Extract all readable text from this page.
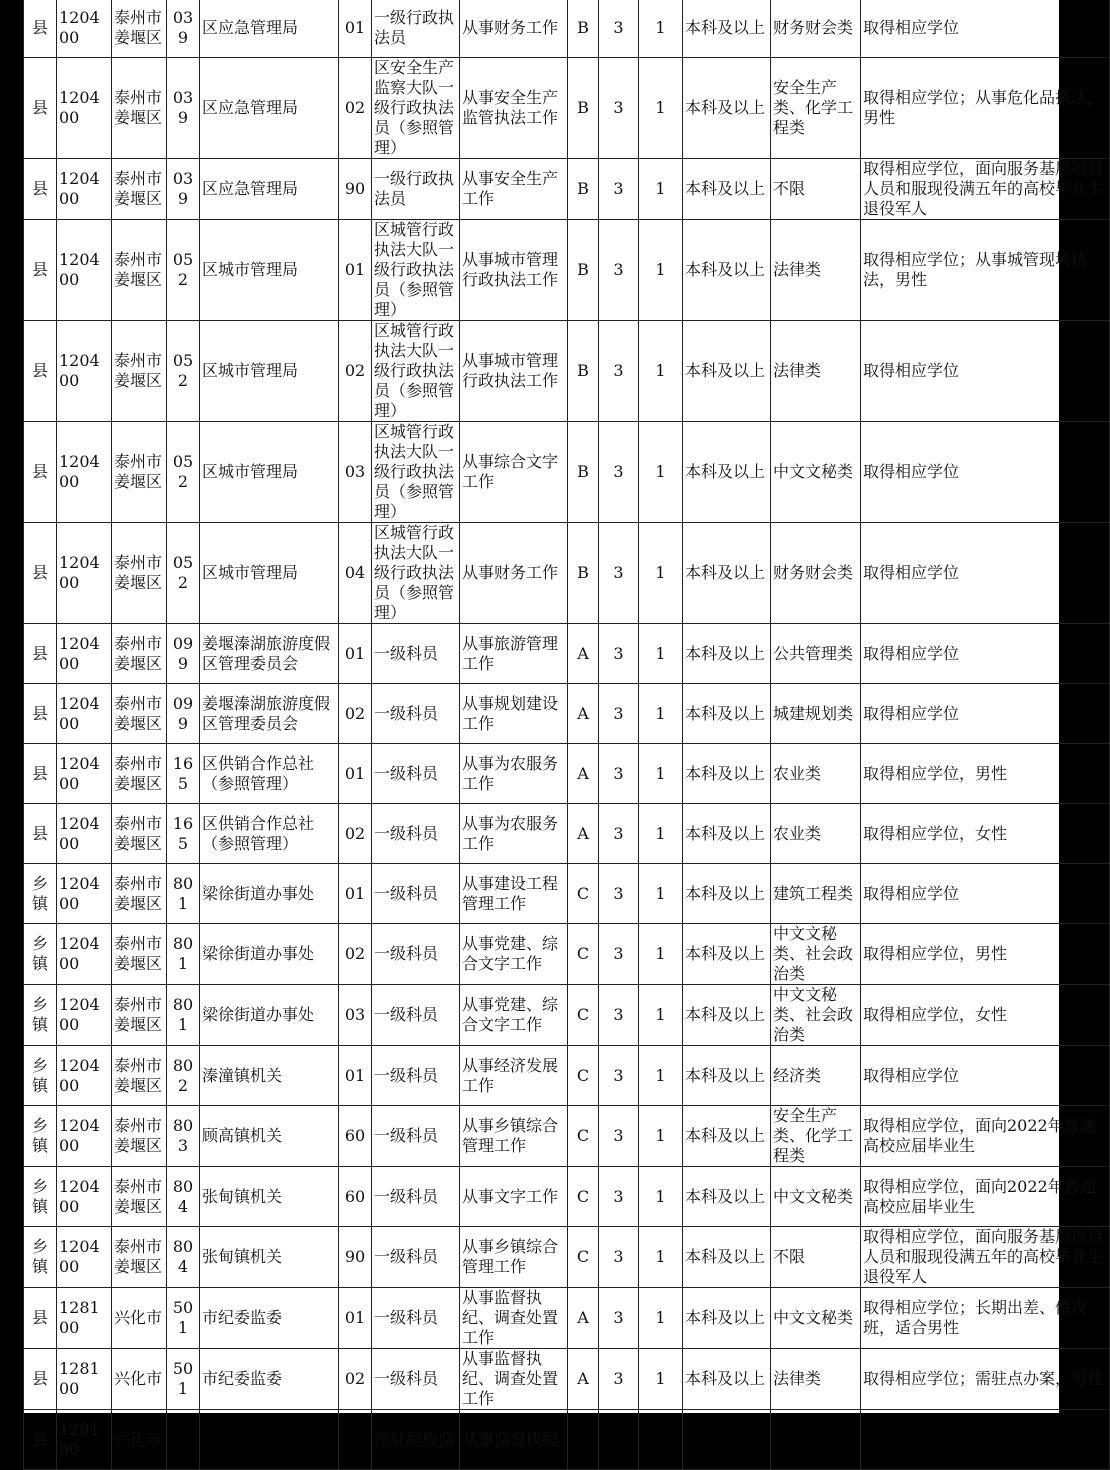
县	120400	泰州市姜堰区	039	区应急管理局	01	一级行政执法员	从事财务工作	B	3	1	本科及以上	财务财会类	取得相应学位
县	120400	泰州市姜堰区	039	区应急管理局	02	区安全生产监察大队一级行政执法员（参照管理）	从事安全生产监管执法工作	B	3	1	本科及以上	安全生产类、化学工程类	取得相应学位；从事危化品执法，男性
县	120400	泰州市姜堰区	039	区应急管理局	90	一级行政执法员	从事安全生产工作	B	3	1	本科及以上	不限	取得相应学位，面向服务基层项目人员和服现役满五年的高校毕业生退役军人
县	120400	泰州市姜堰区	052	区城市管理局	01	区城管行政执法大队一级行政执法员（参照管理）	从事城市管理行政执法工作	B	3	1	本科及以上	法律类	取得相应学位；从事城管现场执法，男性
县	120400	泰州市姜堰区	052	区城市管理局	02	区城管行政执法大队一级行政执法员（参照管理）	从事城市管理行政执法工作	B	3	1	本科及以上	法律类	取得相应学位
县	120400	泰州市姜堰区	052	区城市管理局	03	区城管行政执法大队一级行政执法员（参照管理）	从事综合文字工作	B	3	1	本科及以上	中文文秘类	取得相应学位
县	120400	泰州市姜堰区	052	区城市管理局	04	区城管行政执法大队一级行政执法员（参照管理）	从事财务工作	B	3	1	本科及以上	财务财会类	取得相应学位
县	120400	泰州市姜堰区	099	姜堰溱湖旅游度假区管理委员会	01	一级科员	从事旅游管理工作	A	3	1	本科及以上	公共管理类	取得相应学位
县	120400	泰州市姜堰区	099	姜堰溱湖旅游度假区管理委员会	02	一级科员	从事规划建设工作	A	3	1	本科及以上	城建规划类	取得相应学位
县	120400	泰州市姜堰区	165	区供销合作总社（参照管理）	01	一级科员	从事为农服务工作	A	3	1	本科及以上	农业类	取得相应学位，男性
县	120400	泰州市姜堰区	165	区供销合作总社（参照管理）	02	一级科员	从事为农服务工作	A	3	1	本科及以上	农业类	取得相应学位，女性
乡镇	120400	泰州市姜堰区	801	梁徐街道办事处	01	一级科员	从事建设工程管理工作	C	3	1	本科及以上	建筑工程类	取得相应学位
乡镇	120400	泰州市姜堰区	801	梁徐街道办事处	02	一级科员	从事党建、综合文字工作	C	3	1	本科及以上	中文文秘类、社会政治类	取得相应学位，男性
乡镇	120400	泰州市姜堰区	801	梁徐街道办事处	03	一级科员	从事党建、综合文字工作	C	3	1	本科及以上	中文文秘类、社会政治类	取得相应学位，女性
乡镇	120400	泰州市姜堰区	802	溱潼镇机关	01	一级科员	从事经济发展工作	C	3	1	本科及以上	经济类	取得相应学位
乡镇	120400	泰州市姜堰区	803	顾高镇机关	60	一级科员	从事乡镇综合管理工作	C	3	1	本科及以上	安全生产类、化学工程类	取得相应学位，面向2022年普通高校应届毕业生
乡镇	120400	泰州市姜堰区	804	张甸镇机关	60	一级科员	从事文字工作	C	3	1	本科及以上	中文文秘类	取得相应学位，面向2022年普通高校应届毕业生
乡镇	120400	泰州市姜堰区	804	张甸镇机关	90	一级科员	从事乡镇综合管理工作	C	3	1	本科及以上	不限	取得相应学位，面向服务基层项目人员和服现役满五年的高校毕业生退役军人
县	128100	兴化市	501	市纪委监委	01	一级科员	从事监督执纪、调查处置工作	A	3	1	本科及以上	中文文秘类	取得相应学位；长期出差、值夜班，适合男性
县	128100	兴化市	501	市纪委监委	02	一级科员	从事监督执纪、调查处置工作	A	3	1	本科及以上	法律类	取得相应学位；需驻点办案，男性
县	128100	兴化市				派驻纪检监	从事监督执纪						
